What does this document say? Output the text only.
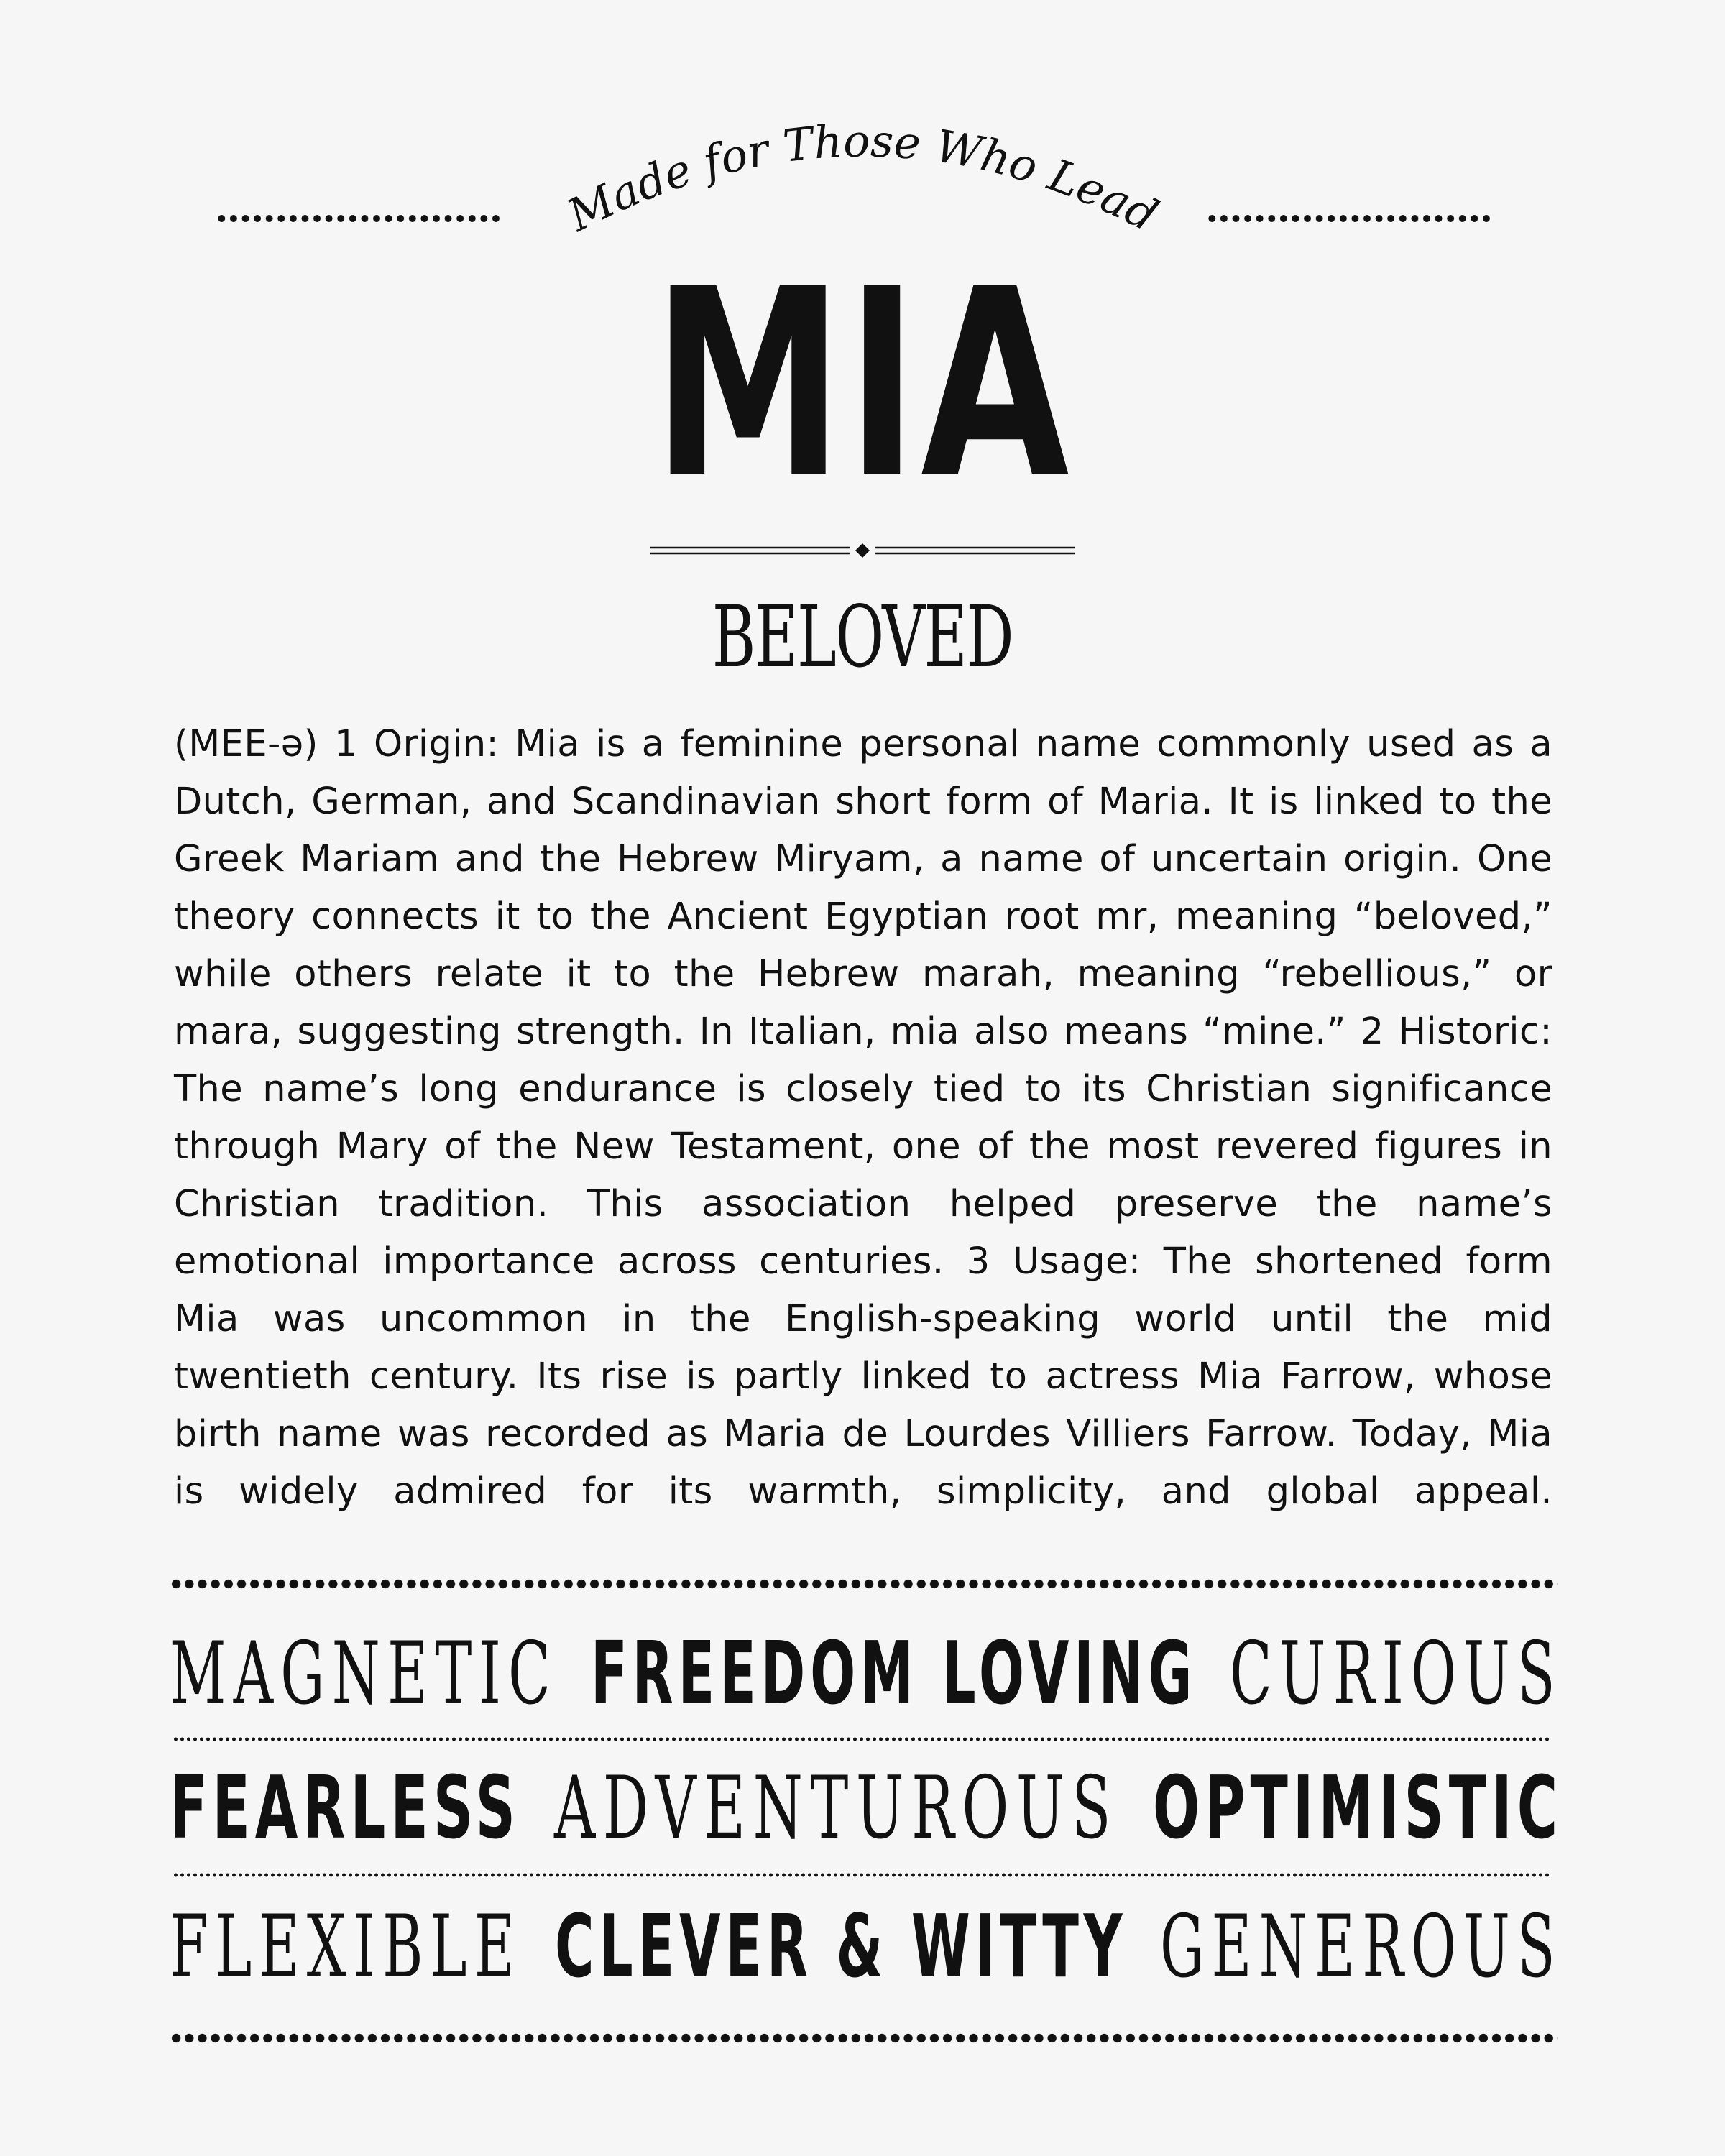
Made for Those Who Lead
MIA
BELOVED
(MEE-ə) 1 Origin: Mia is a feminine personal name commonly used as a Dutch, German, and Scandinavian short form of Maria. It is linked to the Greek Mariam and the Hebrew Miryam, a name of uncertain origin. One theory connects it to the Ancient Egyptian root mr, meaning “beloved,” while others relate it to the Hebrew marah, meaning “rebellious,” or mara, suggesting strength. In Italian, mia also means “mine.” 2 Historic: The name’s long endurance is closely tied to its Christian significance through Mary of the New Testament, one of the most revered figures in Christian tradition. This association helped preserve the name’s emotional importance across centuries. 3 Usage: The shortened form Mia was uncommon in the English-speaking world until the mid twentieth century. Its rise is partly linked to actress Mia Farrow, whose birth name was recorded as Maria de Lourdes Villiers Farrow. Today, Mia is widely admired for its warmth, simplicity, and global appeal.
MAGNETIC FREEDOM LOVING CURIOUS
FEARLESS ADVENTUROUS OPTIMISTIC
FLEXIBLE CLEVER & WITTY GENEROUS
